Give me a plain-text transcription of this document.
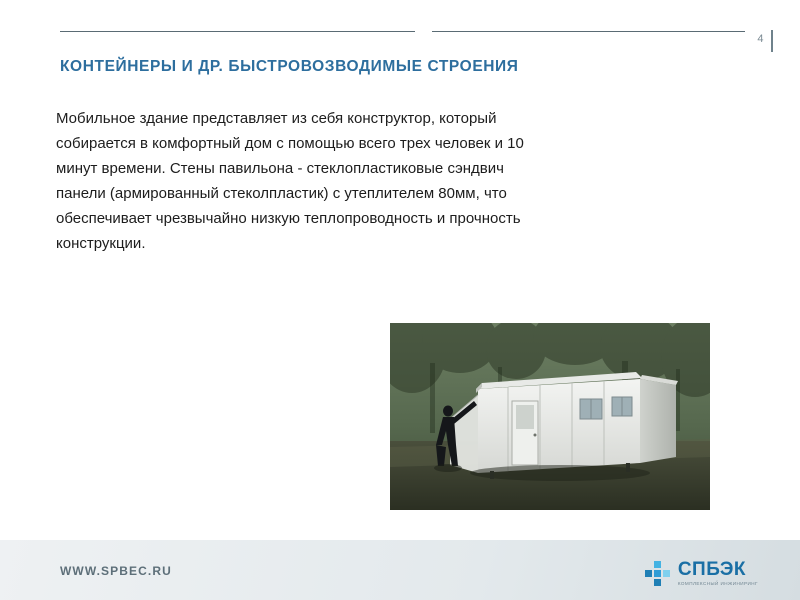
4
КОНТЕЙНЕРЫ И ДР. БЫСТРОВОЗВОДИМЫЕ СТРОЕНИЯ

Мобильное здание представляет из себя конструктор, который собирается в комфортный дом с помощью всего трех человек и 10 минут времени. Стены павильона - стеклопластиковые сэндвич панели (армированный стеколпластик) с утеплителем 80мм, что обеспечивает чрезвычайно низкую теплопроводность и прочность конструкции.

WWW.SPBEC.RU	СПБЭК
КОМПЛЕКСНЫЙ ИНЖИНИРИНГ
